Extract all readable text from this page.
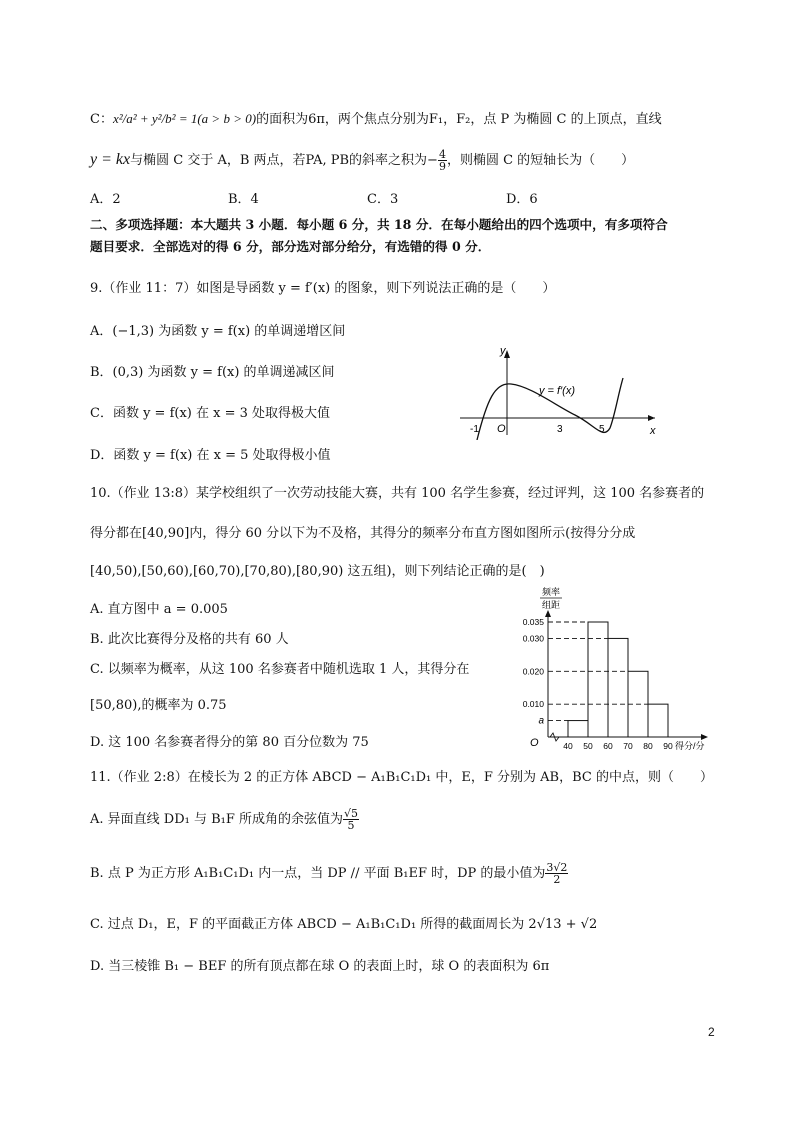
C：x²/a² + y²/b² = 1(a > b > 0)的面积为6π，两个焦点分别为F₁，F₂，点 P 为椭圆 C 的上顶点，直线
y = kx与椭圆 C 交于 A，B 两点，若PA, PB的斜率之积为− $\frac{4}{9}$ ，则椭圆 C 的短轴长为（　　）
A．2	B．4	C．3	D．6
二、多项选择题：本大题共 3 小题．每小题 6 分，共 18 分．在每小题给出的四个选项中，有多项符合
题目要求．全部选对的得 6 分，部分选对部分给分，有选错的得 0 分．
9.（作业 11：7）如图是导函数 y = f′(x) 的图象，则下列说法正确的是（　　）
A．(−1,3) 为函数 y = f(x) 的单调递增区间
B．(0,3) 为函数 y = f(x) 的单调递减区间
C．函数 y = f(x) 在 x = 3 处取得极大值
D．函数 y = f(x) 在 x = 5 处取得极小值
y
x
O
-1	3	5
y = f′(x)
10.（作业 13:8）某学校组织了一次劳动技能大赛，共有 100 名学生参赛，经过评判，这 100 名参赛者的
得分都在[40,90]内，得分 60 分以下为不及格，其得分的频率分布直方图如图所示(按得分分成
[40,50),[50,60),[60,70),[70,80),[80,90) 这五组)，则下列结论正确的是(　)
A. 直方图中 a = 0.005
B. 此次比赛得分及格的共有 60 人
C. 以频率为概率，从这 100 名参赛者中随机选取 1 人，其得分在
[50,80),的概率为 0.75
D. 这 100 名参赛者得分的第 80 百分位数为 75
频率
组距
得分/分
O
0.035
0.030
0.020
0.010
a
40 50 60 70 80 90
11.（作业 2:8）在棱长为 2 的正方体 ABCD − A₁B₁C₁D₁ 中，E，F 分别为 AB，BC 的中点，则（　　）
A. 异面直线 DD₁ 与 B₁F 所成角的余弦值为 $\frac{√5}{5}$
B. 点 P 为正方形 A₁B₁C₁D₁ 内一点，当 DP // 平面 B₁EF 时，DP 的最小值为 $\frac{3√2}{2}$
C. 过点 D₁，E，F 的平面截正方体 ABCD − A₁B₁C₁D₁ 所得的截面周长为 2√13 + √2
D. 当三棱锥 B₁ − BEF 的所有顶点都在球 O 的表面上时，球 O 的表面积为 6π
2
